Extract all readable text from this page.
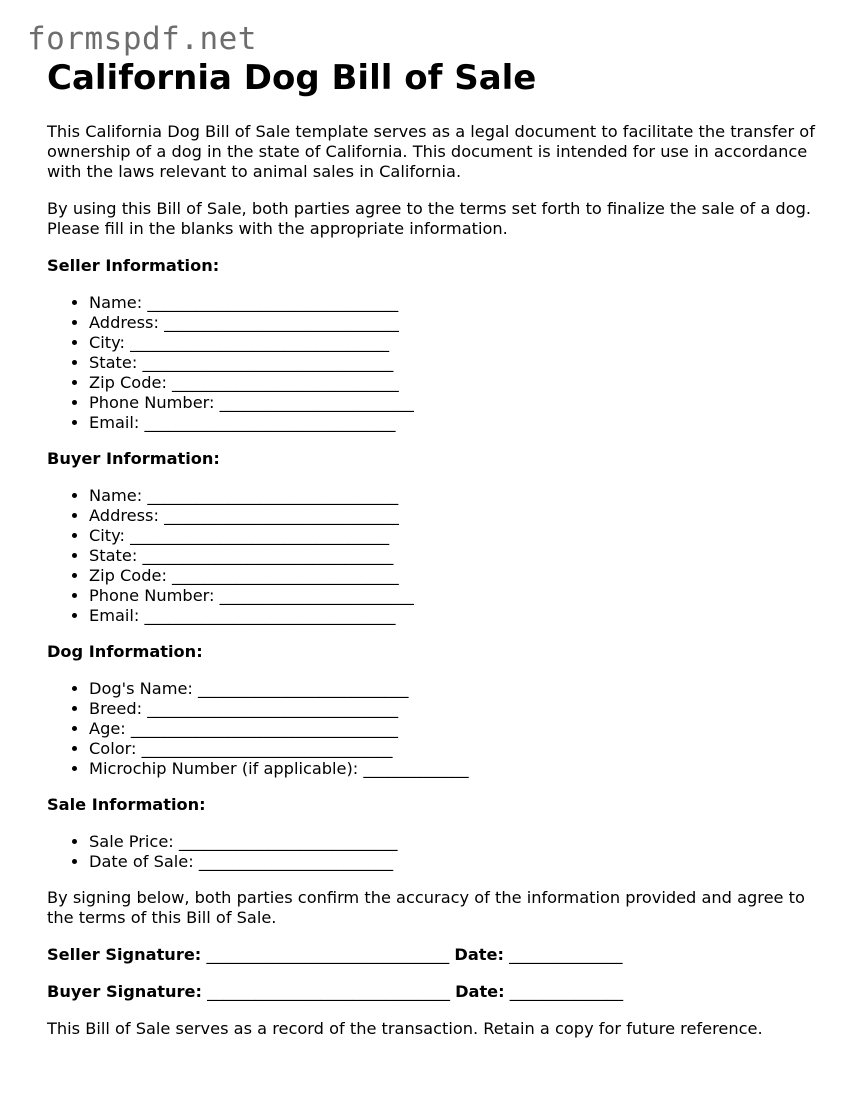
formspdf.net
California Dog Bill of Sale

This California Dog Bill of Sale template serves as a legal document to facilitate the transfer of ownership of a dog in the state of California. This document is intended for use in accordance with the laws relevant to animal sales in California.

By using this Bill of Sale, both parties agree to the terms set forth to finalize the sale of a dog. Please fill in the blanks with the appropriate information.

Seller Information:
• Name: _______________________________
• Address: _____________________________
• City: ________________________________
• State: _______________________________
• Zip Code: ____________________________
• Phone Number: ________________________
• Email: _______________________________
Buyer Information:
• Name: _______________________________
• Address: _____________________________
• City: ________________________________
• State: _______________________________
• Zip Code: ____________________________
• Phone Number: ________________________
• Email: _______________________________
Dog Information:
• Dog's Name: __________________________
• Breed: _______________________________
• Age: _________________________________
• Color: _______________________________
• Microchip Number (if applicable): _____________
Sale Information:
• Sale Price: ___________________________
• Date of Sale: ________________________

By signing below, both parties confirm the accuracy of the information provided and agree to the terms of this Bill of Sale.

Seller Signature: ______________________________ Date: ______________
Buyer Signature: ______________________________ Date: ______________

This Bill of Sale serves as a record of the transaction. Retain a copy for future reference.
